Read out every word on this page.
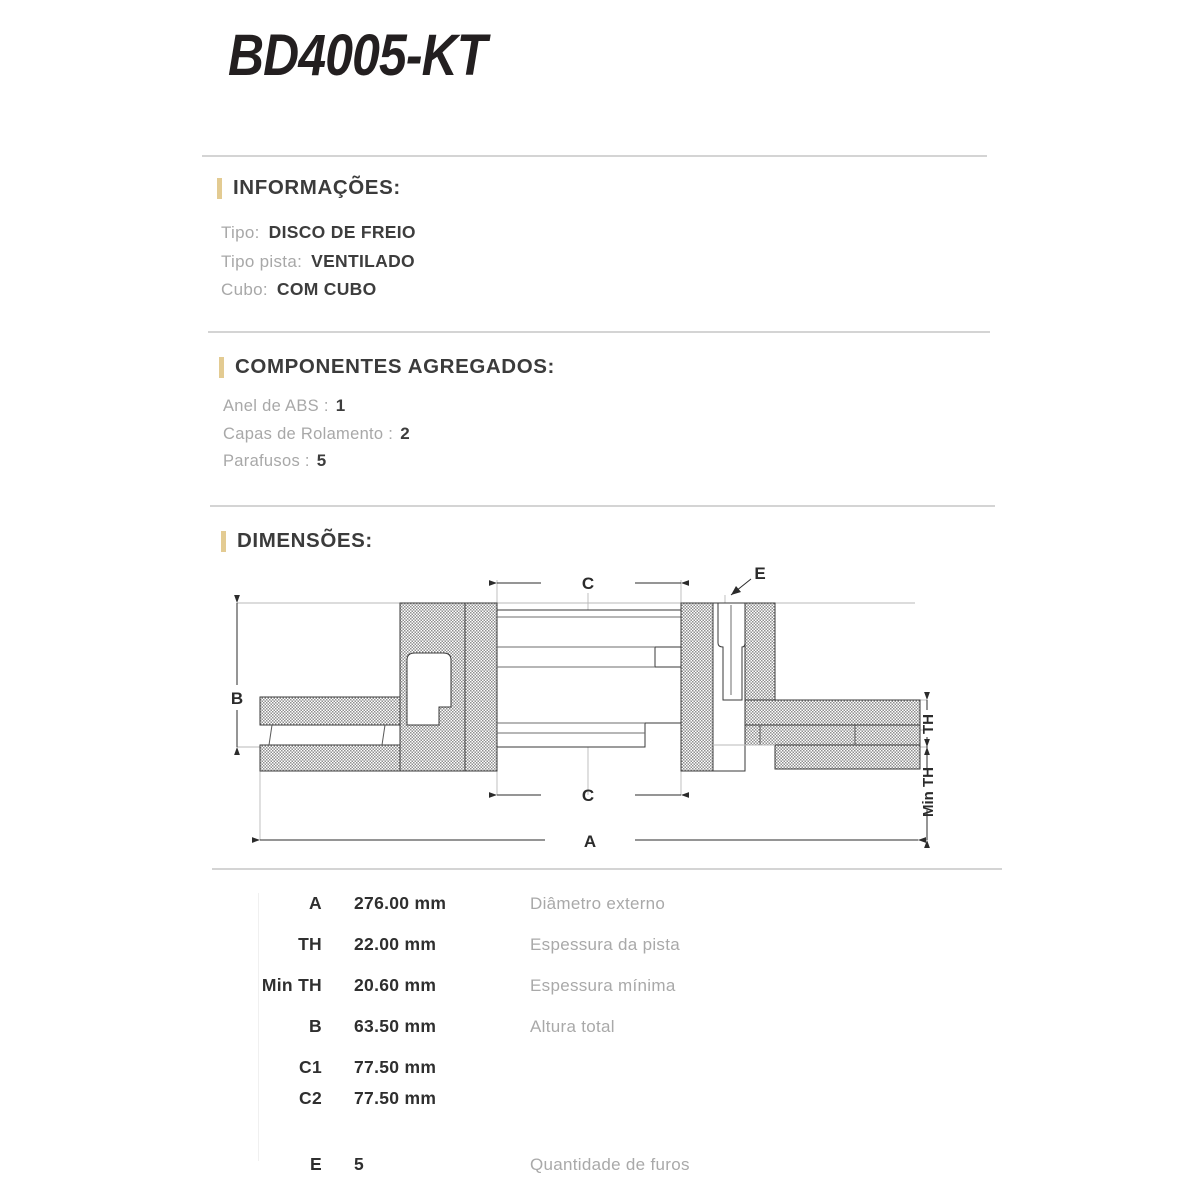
BD4005-KT
INFORMAÇÕES:
Tipo: DISCO DE FREIO
Tipo pista: VENTILADO
Cubo: COM CUBO
COMPONENTES AGREGADOS:
Anel de ABS : 1
Capas de Rolamento : 2
Parafusos : 5
DIMENSÕES:
C
C
B
A
E
TH
Min TH
A	276.00 mm	Diâmetro externo
TH	22.00 mm	Espessura da pista
Min TH	20.60 mm	Espessura mínima
B	63.50 mm	Altura total
C1	77.50 mm
C2	77.50 mm
E	5	Quantidade de furos
